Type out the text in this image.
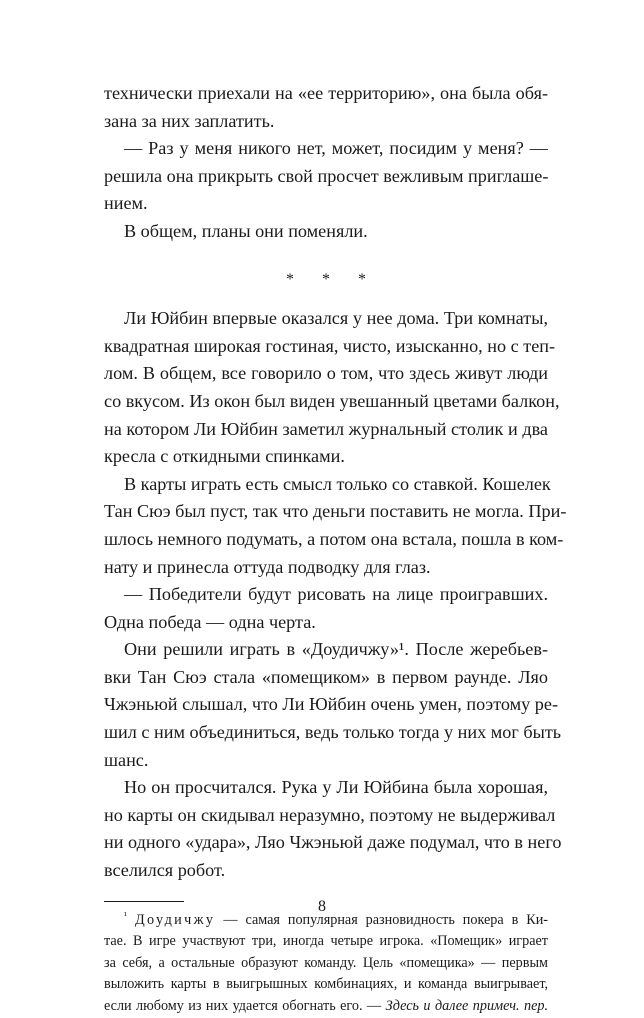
технически приехали на «ее территорию», она была обя-
зана за них заплатить.
— Раз у меня никого нет, может, посидим у меня? —
решила она прикрыть свой просчет вежливым приглаше-
нием.
В общем, планы они поменяли.
* * *
Ли Юйбин впервые оказался у нее дома. Три комнаты,
квадратная широкая гостиная, чисто, изысканно, но с теп-
лом. В общем, все говорило о том, что здесь живут люди
со вкусом. Из окон был виден увешанный цветами балкон,
на котором Ли Юйбин заметил журнальный столик и два
кресла с откидными спинками.
В карты играть есть смысл только со ставкой. Кошелек
Тан Сюэ был пуст, так что деньги поставить не могла. При-
шлось немного подумать, а потом она встала, пошла в ком-
нату и принесла оттуда подводку для глаз.
— Победители будут рисовать на лице проигравших.
Одна победа — одна черта.
Они решили играть в «Доудичжу»¹. После жеребьев-
вки Тан Сюэ стала «помещиком» в первом раунде. Ляо
Чжэньюй слышал, что Ли Юйбин очень умен, поэтому ре-
шил с ним объединиться, ведь только тогда у них мог быть
шанс.
Но он просчитался. Рука у Ли Юйбина была хорошая,
но карты он скидывал неразумно, поэтому не выдерживал
ни одного «удара», Ляо Чжэньюй даже подумал, что в него
вселился робот.
$^{^1}$ Доудичжу — самая популярная разновидность покера в Ки-
тае. В игре участвуют три, иногда четыре игрока. «Помещик» играет
за себя, а остальные образуют команду. Цель «помещика» — первым
выложить карты в выигрышных комбинациях, и команда выигрывает,
если любому из них удается обогнать его. — Здесь и далее примеч. пер.
8
